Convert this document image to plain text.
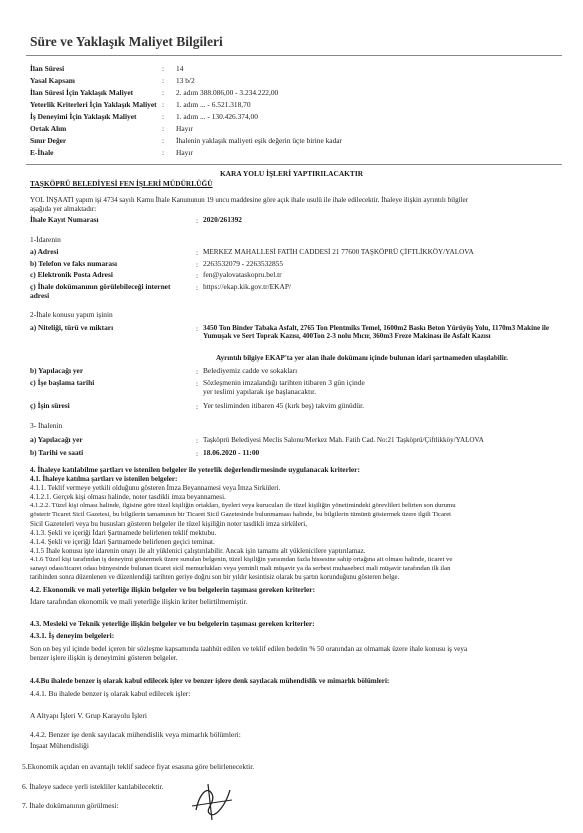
Süre ve Yaklaşık Maliyet Bilgileri
İlan Süresi	: 14
Yasal Kapsam	: 13 b/2
İlan Süresi İçin Yaklaşık Maliyet	: 2. adım 388.086,00 - 3.234.222,00
Yeterlik Kriterleri İçin Yaklaşık Maliyet : 1. adım ... - 6.521.318,70
İş Deneyimi İçin Yaklaşık Maliyet	: 1. adım ... - 130.426.374,00
Ortak Alım	: Hayır
Sınır Değer	: İhalenin yaklaşık maliyeti eşik değerin üçte birine kadar
E-İhale	: Hayır
KARA YOLU İŞLERİ YAPTIRILACAKTIR
TAŞKÖPRÜ BELEDİYESİ FEN İŞLERİ MÜDÜRLÜĞÜ
YOL İNŞAATI yapım işi 4734 sayılı Kamu İhale Kanununun 19 uncu maddesine göre açık ihale usulü ile ihale edilecektir. İhaleye ilişkin ayrıntılı bilgiler
aşağıda yer almaktadır:
İhale Kayıt Numarası	: 2020/261392
1-İdarenin
a) Adresi	: MERKEZ MAHALLESİ FATİH CADDESİ 21 77600 TAŞKÖPRÜ ÇİFTLİKKÖY/YALOVA
b) Telefon ve faks numarası	: 2263532079 - 2263532855
c) Elektronik Posta Adresi	: fen@yalovataskopru.bel.tr
ç) İhale dokümanının görülebileceği internet	: https://ekap.kik.gov.tr/EKAP/
adresi
2-İhale konusu yapım işinin
a) Niteliği, türü ve miktarı	: 3450 Ton Binder Tabaka Asfalt, 2765 Ton Plentmiks Temel, 1600m2 Baskı Beton Yürüyüş Yolu, 1170m3 Makine ile Yumuşak ve Sert Toprak Kazısı, 400Ton 2-3 nolu Mıcır, 360m3 Freze Makinası ile Asfalt Kazısı
Ayrıntılı bilgiye EKAP'ta yer alan ihale dokümanı içinde bulunan idari şartnameden ulaşılabilir.
b) Yapılacağı yer	: Belediyemiz cadde ve sokakları
c) İşe başlama tarihi	: Sözleşmenin imzalandığı tarihten itibaren 3 gün içinde
yer teslimi yapılarak işe başlanacaktır.
ç) İşin süresi	: Yer tesliminden itibaren 45 (kırk beş) takvim günüdür.
3- İhalenin
a) Yapılacağı yer	: Taşköprü Belediyesi Meclis Salonu/Merkez Mah. Fatih Cad. No:21 Taşköprü/Çiftlikköy/YALOVA
b) Tarihi ve saati	: 18.06.2020 - 11:00
4. İhaleye katılabilme şartları ve istenilen belgeler ile yeterlik değerlendirmesinde uygulanacak kriterler:
4.1. İhaleye katılma şartları ve istenilen belgeler:
4.1.1. Teklif vermeye yetkili olduğunu gösteren İmza Beyannamesi veya İmza Sirküleri.
4.1.2.1. Gerçek kişi olması halinde, noter tasdikli imza beyannamesi.
4.1.2.2. Tüzel kişi olması halinde, ilgisine göre tüzel kişiliğin ortakları, üyeleri veya kurucuları ile tüzel kişiliğin yönetimindeki görevlileri belirten son durumu
gösterir Ticaret Sicil Gazetesi, bu bilgilerin tamamının bir Ticaret Sicil Gazetesinde bulunmaması halinde, bu bilgilerin tümünü göstermek üzere ilgili Ticaret
Sicil Gazeteleri veya bu hususları gösteren belgeler ile tüzel kişiliğin noter tasdikli imza sirküleri,
4.1.3. Şekli ve içeriği İdari Şartnamede belirlenen teklif mektubu.
4.1.4. Şekli ve içeriği İdari Şartnamede belirlenen geçici teminat.
4.1.5 İhale konusu işte idarenin onayı ile alt yüklenici çalıştırılabilir. Ancak işin tamamı alt yüklenicilere yaptırılamaz.
4.1.6 Tüzel kişi tarafından iş deneyimi göstermek üzere sunulan belgenin, tüzel kişiliğin yarısından fazla hissesine sahip ortağına ait olması halinde, ticaret ve
sanayi odası/ticaret odası bünyesinde bulunan ticaret sicil memurlukları veya yeminli mali müşavir ya da serbest muhasebeci mali müşavir tarafından ilk ilan
tarihinden sonra düzenlenen ve düzenlendiği tarihten geriye doğru son bir yıldır kesintisiz olarak bu şartın korunduğunu gösteren belge.
4.2. Ekonomik ve mali yeterliğe ilişkin belgeler ve bu belgelerin taşıması gereken kriterler:
İdare tarafından ekonomik ve mali yeterliğe ilişkin kriter belirtilmemiştir.
4.3. Mesleki ve Teknik yeterliğe ilişkin belgeler ve bu belgelerin taşıması gereken kriterler:
4.3.1. İş deneyim belgeleri:
Son on beş yıl içinde bedel içeren bir sözleşme kapsamında taahhüt edilen ve teklif edilen bedelin % 50 oranından az olmamak üzere ihale konusu iş veya
benzer işlere ilişkin iş deneyimini gösteren belgeler.
4.4.Bu ihalede benzer iş olarak kabul edilecek işler ve benzer işlere denk sayılacak mühendislik ve mimarlık bölümleri:
4.4.1. Bu ihalede benzer iş olarak kabul edilecek işler:
A Altyapı İşleri V. Grup Karayolu İşleri
4.4.2. Benzer işe denk sayılacak mühendislik veya mimarlık bölümleri:
İnşaat Mühendisliği
5.Ekonomik açıdan en avantajlı teklif sadece fiyat esasına göre belirlenecektir.
6. İhaleye sadece yerli istekliler katılabilecektir.
7. İhale dokümanının görülmesi:
